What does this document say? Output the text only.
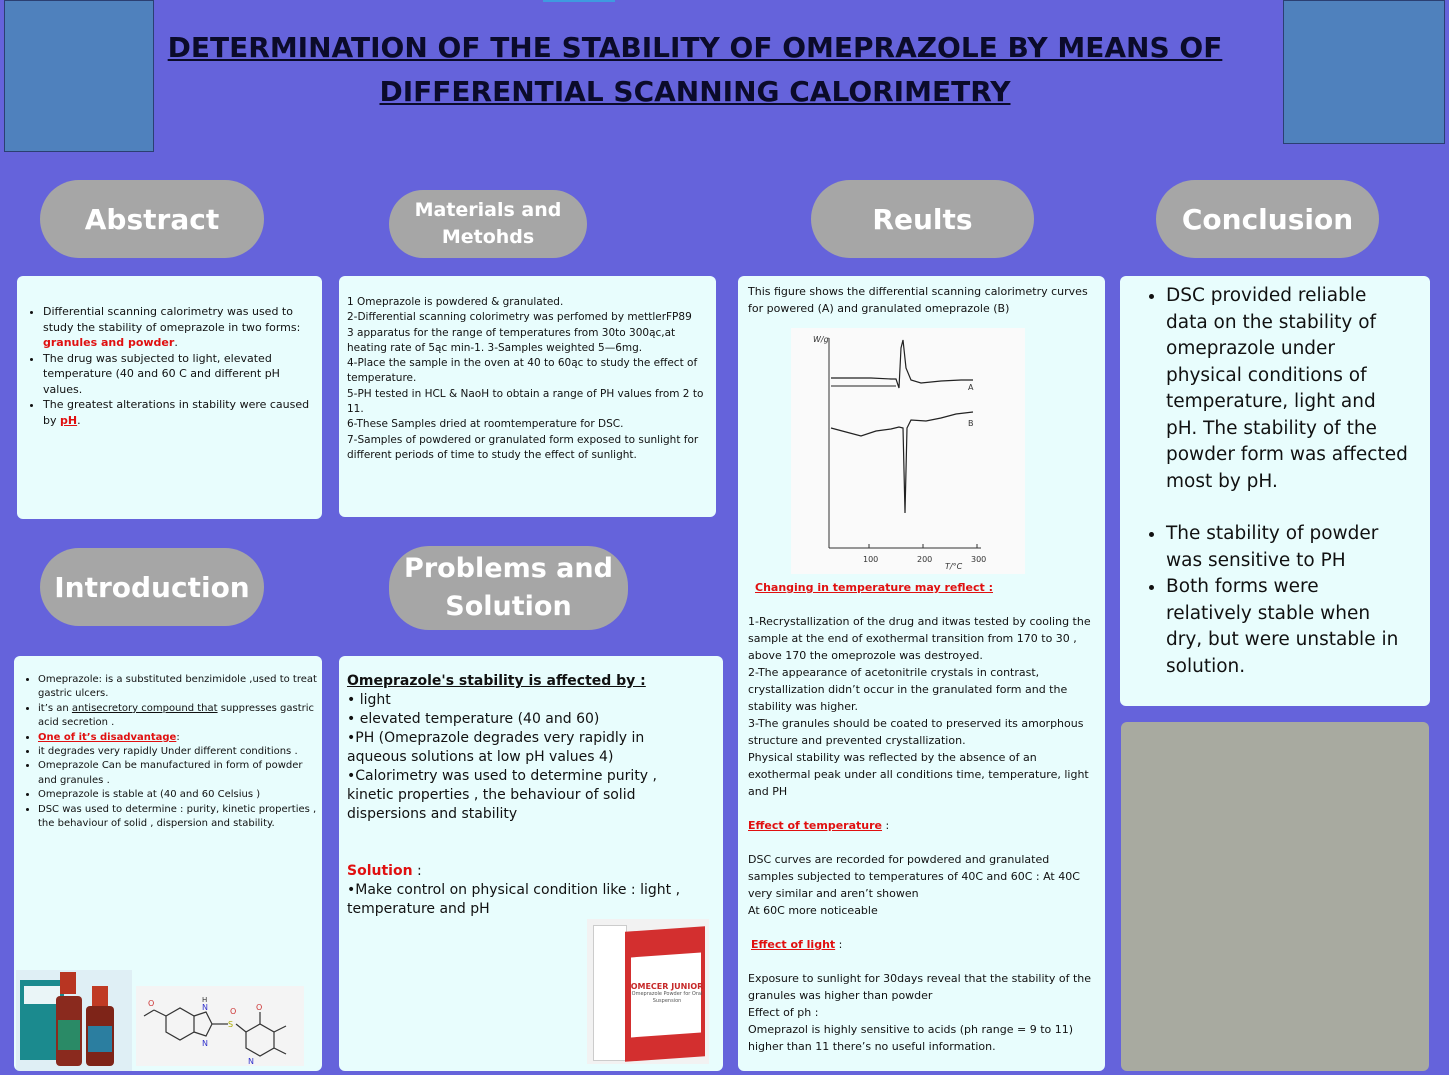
DETERMINATION OF THE STABILITY OF OMEPRAZOLE BY MEANS OF
DIFFERENTIAL SCANNING CALORIMETRY
Abstract	Materials and
Metohds
Reults	Conclusion
Introduction
Problems and
Solution
• Differential scanning calorimetry was used to study the stability of omeprazole in two forms: granules and powder.
• The drug was subjected to light, elevated temperature (40 and 60 C and different pH values.
• The greatest alterations in stability were caused by pH.

1 Omeprazole is powdered & granulated.

2-Differential scanning colorimetry was perfomed by mettlerFP89

3 apparatus for the range of temperatures from 30to 300ąc,at heating rate of 5ąc min-1. 3-Samples weighted 5—6mg.

4-Place the sample in the oven at 40 to 60ąc to study the effect of temperature.

5-PH tested in HCL & NaoH to obtain a range of PH values from 2 to 11.

6-These Samples dried at roomtemperature for DSC.

7-Samples of powdered or granulated form exposed to sunlight for different periods of time to study the effect of sunlight.

This figure shows the differential scanning calorimetry curves for powered (A) and granulated omeprazole (B)

W/g
100	200	300
T/°C
A
B

Changing in temperature may reflect :

1-Recrystallization of the drug and itwas tested by cooling the sample at the end of exothermal transition from 170 to 30 , above 170 the omeprozole was destroyed.

2-The appearance of acetonitrile crystals in contrast, crystallization didn’t occur in the granulated form and the stability was higher.

3-The granules should be coated to preserved its amorphous structure and prevented crystallization.

Physical stability was reflected by the absence of an exothermal peak under all conditions time, temperature, light and PH

Effect of temperature :

DSC curves are recorded for powdered and granulated samples subjected to temperatures of 40C and 60C : At 40C very similar and aren’t showen

At 60C more noticeable

Effect of light :

Exposure to sunlight for 30days reveal that the stability of the granules was higher than powder

Effect of ph :

Omeprazol is highly sensitive to acids (ph range = 9 to 11) higher than 11 there’s no useful information.

• DSC provided reliable data on the stability of omeprazole under physical conditions of temperature, light and pH. The stability of the powder form was affected most by pH.
• The stability of powder was sensitive to PH
• Both forms were relatively stable when dry, but were unstable in solution.
• Omeprazole: is a substituted benzimidole ,used to treat gastric ulcers.
• it’s an antisecretory compound that suppresses gastric acid secretion .
• One of it’s disadvantage:
• it degrades very rapidly Under different conditions .
• Omeprazole Can be manufactured in form of powder and granules .
• Omeprazole is stable at (40 and 60 Celsius )
• DSC was used to determine : purity, kinetic properties , the behaviour of solid , dispersion and stability.
O	H
N
N
S
O O
N

Omeprazole's stability is affected by :

• light

• elevated temperature (40 and 60)

•PH (Omeprazole degrades very rapidly in aqueous solutions at low pH values 4)

•Calorimetry was used to determine purity , kinetic properties , the behaviour of solid dispersions and stability

Solution :

•Make control on physical condition like : light , temperature and pH

OMECER JUNIOR
Omeprazole Powder for Oral Suspension
